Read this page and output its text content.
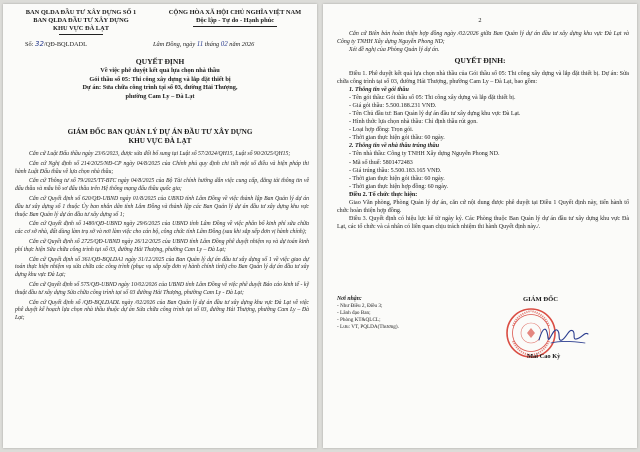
BAN QLDA ĐẦU TƯ XÂY DỰNG SỐ 1
BAN QLDA ĐẦU TƯ XÂY DỰNG
KHU VỰC ĐÀ LẠT
CỘNG HÒA XÃ HỘI CHỦ NGHĨA VIỆT NAM
Độc lập - Tự do - Hạnh phúc
Số: 32/QĐ-BQLDADL	Lâm Đồng, ngày 11 tháng 02 năm 2026
QUYẾT ĐỊNH
Về việc phê duyệt kết quả lựa chọn nhà thầu
Gói thầu số 05: Thi công xây dựng và lắp đặt thiết bị
Dự án: Sửa chữa công trình tại số 03, đường Hải Thượng,
phường Cam Ly – Đà Lạt
GIÁM ĐỐC BAN QUẢN LÝ DỰ ÁN ĐẦU TƯ XÂY DỰNG
KHU VỰC ĐÀ LẠT

Căn cứ Luật Đấu thầu ngày 23/6/2023, được sửa đổi bổ sung tại Luật số 57/2024/QH15, Luật số 90/2025/QH15;

Căn cứ Nghị định số 214/2025/NĐ-CP ngày 04/8/2025 của Chính phủ quy định chi tiết một số điều và biện pháp thi hành Luật Đấu thầu về lựa chọn nhà thầu;

Căn cứ Thông tư số 79/2025/TT-BTC ngày 04/8/2025 của Bộ Tài chính hướng dẫn việc cung cấp, đăng tải thông tin về đấu thầu và mẫu hồ sơ đấu thầu trên Hệ thống mạng đấu thầu quốc gia;

Căn cứ Quyết định số 620/QĐ-UBND ngày 01/8/2025 của UBND tỉnh Lâm Đồng về việc thành lập Ban Quản lý dự án đầu tư xây dựng số 1 thuộc Ủy ban nhân dân tỉnh Lâm Đồng và thành lập các Ban Quản lý dự án đầu tư xây dựng khu vực thuộc Ban Quản lý dự án đầu tư xây dựng số 1;

Căn cứ Quyết định số 1480/QĐ-UBND ngày 29/6/2025 của UBND tỉnh Lâm Đồng về việc phân bổ kinh phí sửa chữa các cơ sở nhà, đất dùng làm trụ sở và nơi làm việc cho cán bộ, công chức tỉnh Lâm Đồng (sau khi sắp xếp đơn vị hành chính);

Căn cứ Quyết định số 2725/QĐ-UBND ngày 26/12/2025 của UBND tỉnh Lâm Đồng phê duyệt nhiệm vụ và dự toán kinh phí thực hiện Sửa chữa công trình tại số 03, đường Hải Thượng, phường Cam Ly – Đà Lạt;

Căn cứ Quyết định số 361/QĐ-BQLDA1 ngày 31/12/2025 của Ban Quản lý dự án đầu tư xây dựng số 1 về việc giao dự toán thực hiện nhiệm vụ sửa chữa các công trình (phục vụ sắp xếp đơn vị hành chính tỉnh) cho Ban Quản lý dự án đầu tư xây dựng khu vực Đà Lạt;

Căn cứ Quyết định số 575/QĐ-UBND ngày 10/02/2026 của UBND tỉnh Lâm Đồng về việc phê duyệt Báo cáo kinh tế - kỹ thuật đầu tư xây dựng Sửa chữa công trình tại số 03 đường Hải Thượng, phường Cam Ly - Đà Lạt;

Căn cứ Quyết định số /QĐ-BQLDADL ngày /02/2026 của Ban Quản lý dự án đầu tư xây dựng khu vực Đà Lạt về việc phê duyệt kế hoạch lựa chọn nhà thầu thuộc dự án Sửa chữa công trình tại số 03, đường Hải Thượng, phường Cam Ly – Đà Lạt;

2

Căn cứ Biên bản hoàn thiện hợp đồng ngày /02/2026 giữa Ban Quản lý dự án đầu tư xây dựng khu vực Đà Lạt và Công ty TNHH Xây dựng Nguyễn Phong ND;

Xét đề nghị của Phòng Quản lý dự án.

QUYẾT ĐỊNH:

Điều 1. Phê duyệt kết quả lựa chọn nhà thầu của Gói thầu số 05: Thi công xây dựng và lắp đặt thiết bị. Dự án: Sửa chữa công trình tại số 03, đường Hải Thượng, phường Cam Ly – Đà Lạt, bao gồm:

1. Thông tin về gói thầu

- Tên gói thầu: Gói thầu số 05: Thi công xây dựng và lắp đặt thiết bị.

- Giá gói thầu: 5.500.188.231 VNĐ.

- Tên Chủ đầu tư: Ban Quản lý dự án đầu tư xây dựng khu vực Đà Lạt.

- Hình thức lựa chọn nhà thầu: Chỉ định thầu rút gọn.

- Loại hợp đồng: Trọn gói.

- Thời gian thực hiện gói thầu: 60 ngày.

2. Thông tin về nhà thầu trúng thầu

- Tên nhà thầu: Công ty TNHH Xây dựng Nguyễn Phong ND.

- Mã số thuế: 5801472483

- Giá trúng thầu: 5.500.183.165 VNĐ.

- Thời gian thực hiện gói thầu: 60 ngày.

- Thời gian thực hiện hợp đồng: 60 ngày.

Điều 2. Tổ chức thực hiện:

Giao Văn phòng, Phòng Quản lý dự án, căn cứ nội dung được phê duyệt tại Điều 1 Quyết định này, tiến hành tổ chức hoàn thiện hợp đồng.

Điều 3. Quyết định có hiệu lực kể từ ngày ký. Các Phòng thuộc Ban Quản lý dự án đầu tư xây dựng khu vực Đà Lạt, các tổ chức và cá nhân có liên quan chịu trách nhiệm thi hành Quyết định này./.

Nơi nhận:
- Như Điều 2, Điều 3;
- Lãnh đạo Ban;
- Phòng KT&QLCL;
- Lưu: VT, PQLDA(Thương).
GIÁM ĐỐC
Mai Cao Kỳ
